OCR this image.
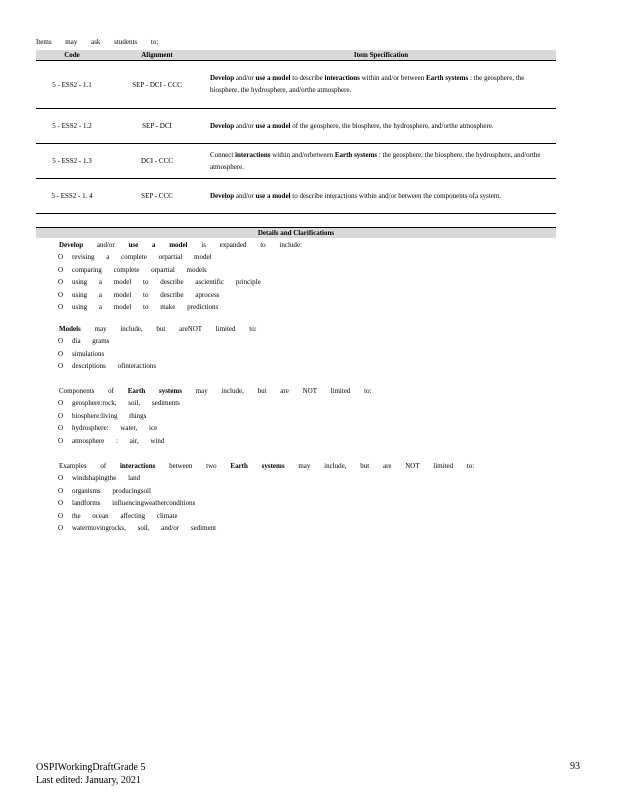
Items may ask students to:
Code	Alignment	Item Specification
5 - ESS2 - 1.1	SEP - DCI - CCC	Develop and/or use a model to describe interactions within and/or between Earth systems : the geosphere, the biosphere, the hydrosphere, and/orthe atmosphere.
5 - ESS2 - 1.2	SEP - DCI	Develop and/or use a model of the geosphere, the biosphere, the hydrosphere, and/orthe atmosphere.
5 - ESS2 - 1.3	DCI - CCC	Connect interactions within and/orbetween Earth systems : the geosphere, the biosphere, the hydrosphere, and/orthe atmosphere.
5 - ESS2 - 1. 4	SEP - CCC	Develop and/or use a model to describe interactions within and/or between the components ofa system.
Details and Clarifications
Develop and/or use a model is expanded to include:
O revising a complete orpartial model
O comparing complete orpartial models
O using a model to describe ascientific principle
O using a model to describe aprocess
O using a model to make predictions
Models may include, but areNOT limited to:
O dia grams
O simulations
O descriptions ofinteractions
Components of Earth systems may include, but are NOT limited to:
O geosphere:rock, soil, sediments
O biosphere:living things
O hydrosphere: water, ice
O atmosphere : air, wind
Examples of interactions between two Earth systems may include, but are NOT limited to:
O windshapingthe land
O organisms producingsoil
O landforms influencingweatherconditions
O the ocean affecting climate
O watermovingrocks, soil, and/or sediment
OSPIWorkingDraftGrade 5
Last edited: January, 2021
93
